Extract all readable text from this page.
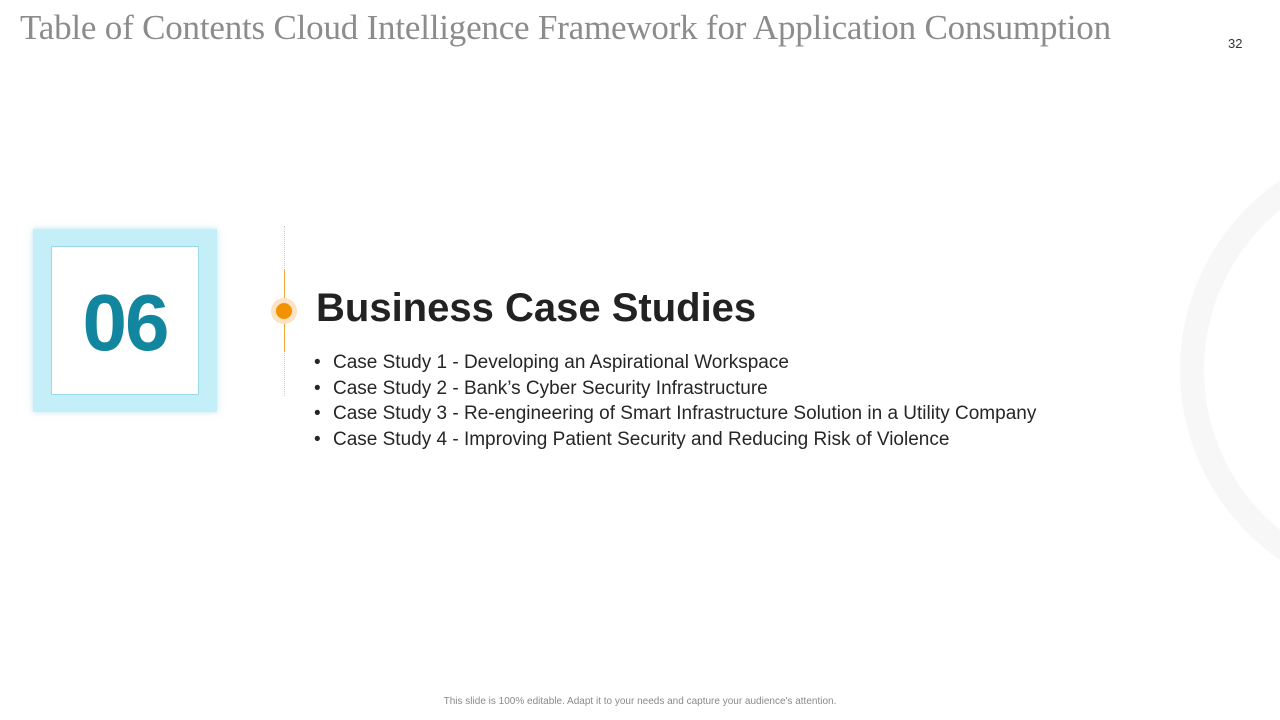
Table of Contents Cloud Intelligence Framework for Application Consumption	32
06	Business Case Studies
• Case Study 1 - Developing an Aspirational Workspace
• Case Study 2 - Bank’s Cyber Security Infrastructure
• Case Study 3 - Re-engineering of Smart Infrastructure Solution in a Utility Company
• Case Study 4 - Improving Patient Security and Reducing Risk of Violence
This slide is 100% editable. Adapt it to your needs and capture your audience's attention.
